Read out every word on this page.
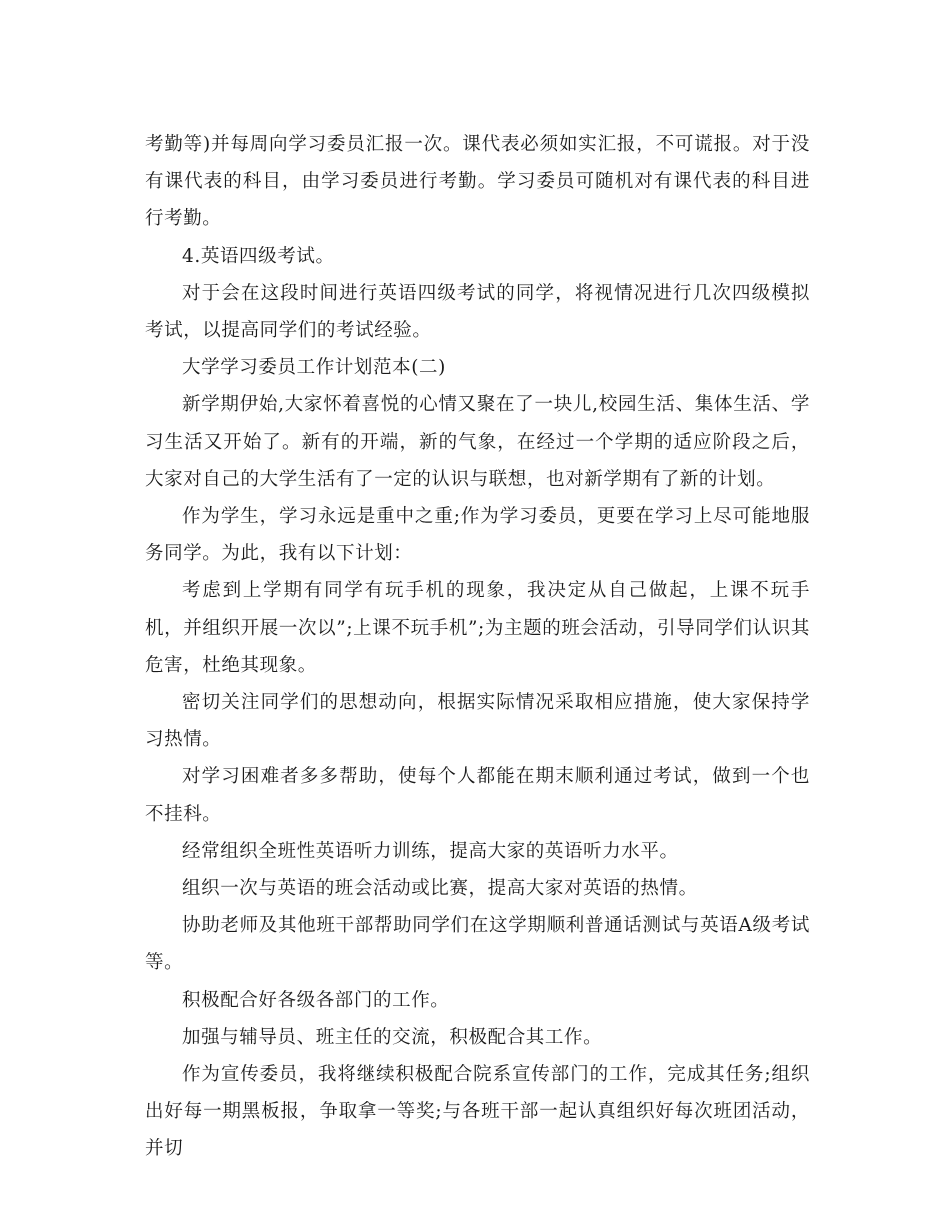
考勤等)并每周向学习委员汇报一次。课代表必须如实汇报，不可谎报。对于没有课代表的科目，由学习委员进行考勤。学习委员可随机对有课代表的科目进行考勤。

4.英语四级考试。

对于会在这段时间进行英语四级考试的同学，将视情况进行几次四级模拟考试，以提高同学们的考试经验。

大学学习委员工作计划范本(二)

新学期伊始,大家怀着喜悦的心情又聚在了一块儿,校园生活、集体生活、学习生活又开始了。新有的开端，新的气象，在经过一个学期的适应阶段之后，大家对自己的大学生活有了一定的认识与联想，也对新学期有了新的计划。

作为学生，学习永远是重中之重;作为学习委员，更要在学习上尽可能地服务同学。为此，我有以下计划：

考虑到上学期有同学有玩手机的现象，我决定从自己做起，上课不玩手机，并组织开展一次以”;上课不玩手机”;为主题的班会活动，引导同学们认识其危害，杜绝其现象。

密切关注同学们的思想动向，根据实际情况采取相应措施，使大家保持学习热情。

对学习困难者多多帮助，使每个人都能在期末顺利通过考试，做到一个也不挂科。

经常组织全班性英语听力训练，提高大家的英语听力水平。

组织一次与英语的班会活动或比赛，提高大家对英语的热情。

协助老师及其他班干部帮助同学们在这学期顺利普通话测试与英语A级考试等。

积极配合好各级各部门的工作。

加强与辅导员、班主任的交流，积极配合其工作。

作为宣传委员，我将继续积极配合院系宣传部门的工作，完成其任务;组织出好每一期黑板报，争取拿一等奖;与各班干部一起认真组织好每次班团活动，并切
